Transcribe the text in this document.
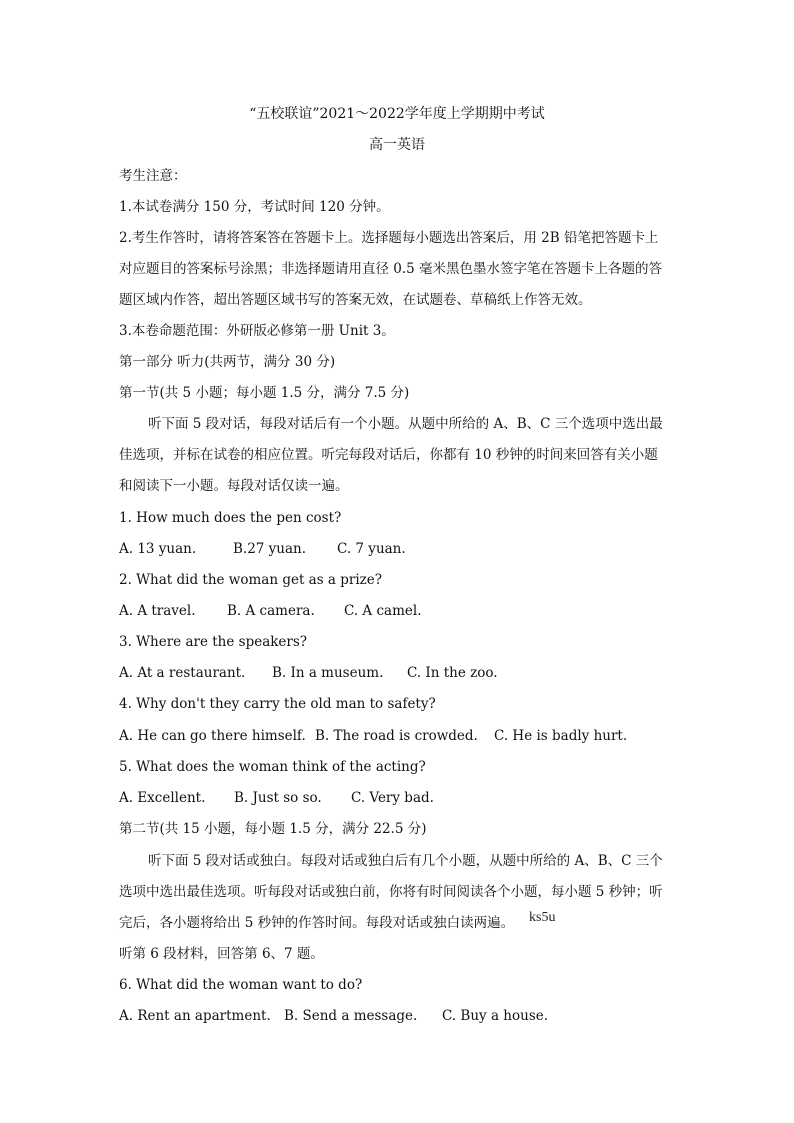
“五校联谊”2021～2022学年度上学期期中考试
高一英语
考生注意：
1.本试卷满分 150 分，考试时间 120 分钟。
2.考生作答时，请将答案答在答题卡上。选择题每小题选出答案后，用 2B 铅笔把答题卡上
对应题目的答案标号涂黑；非选择题请用直径 0.5 毫米黑色墨水签字笔在答题卡上各题的答
题区域内作答，超出答题区域书写的答案无效，在试题卷、草稿纸上作答无效。
3.本卷命题范围：外研版必修第一册 Unit 3。
第一部分 听力(共两节，满分 30 分)
第一节(共 5 小题；每小题 1.5 分，满分 7.5 分)
听下面 5 段对话，每段对话后有一个小题。从题中所给的 A、B、C 三个选项中选出最
佳选项，并标在试卷的相应位置。听完每段对话后，你都有 10 秒钟的时间来回答有关小题
和阅读下一小题。每段对话仅读一遍。
1. How much does the pen cost?
A. 13 yuan.	B.27 yuan. C. 7 yuan.
2. What did the woman get as a prize?
A. A travel. B. A camera. C. A camel.
3. Where are the speakers?
A. At a restaurant. B. In a museum. C. In the zoo.
4. Why don't they carry the old man to safety?
A. He can go there himself. B. The road is crowded. C. He is badly hurt.
5. What does the woman think of the acting?
A. Excellent. B. Just so so. C. Very bad.
第二节(共 15 小题，每小题 1.5 分，满分 22.5 分)
听下面 5 段对话或独白。每段对话或独白后有几个小题，从题中所给的 A、B、C 三个
选项中选出最佳选项。听每段对话或独白前，你将有时间阅读各个小题，每小题 5 秒钟；听
完后，各小题将给出 5 秒钟的作答时间。每段对话或独白读两遍。	ks5u
听第 6 段材料，回答第 6、7 题。
6. What did the woman want to do?
A. Rent an apartment. B. Send a message. C. Buy a house.
